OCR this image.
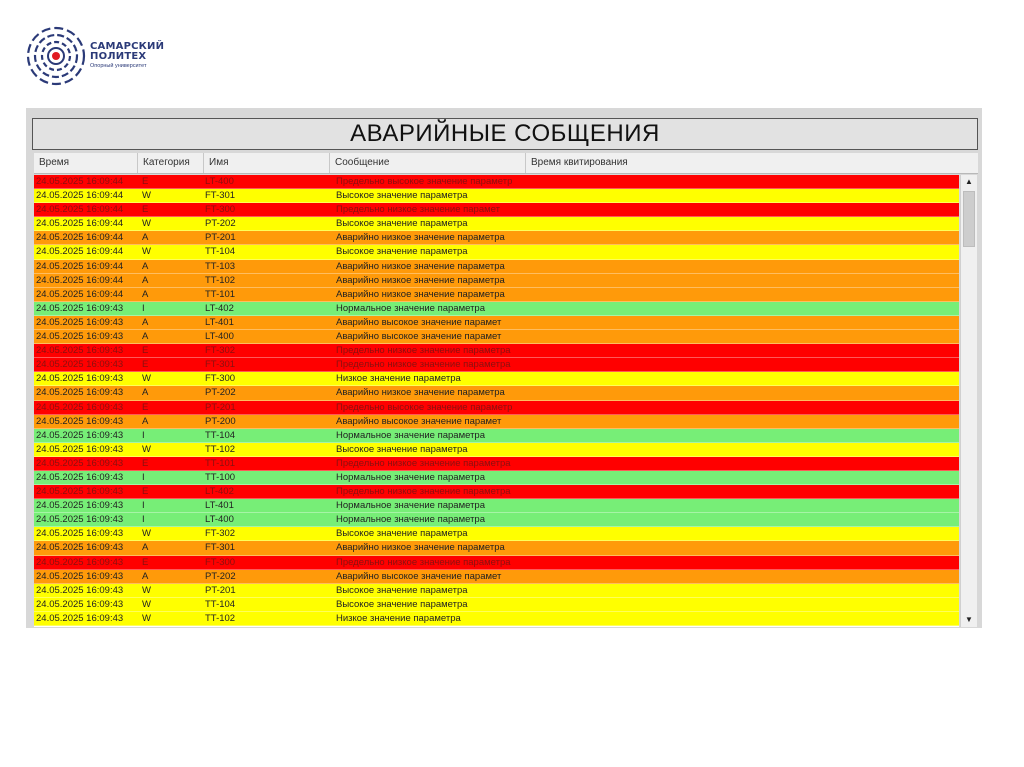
САМАРСКИЙ
ПОЛИТЕХ
Опорный университет
АВАРИЙНЫЕ СОБЩЕНИЯ
Время	Категория	Имя	Сообщение	Время квитирования
24.05.2025 16:09:44	E	LT-400	Предельно высокое значение параметр
24.05.2025 16:09:44	W	FT-301	Высокое значение параметра
24.05.2025 16:09:44	E	FT-300	Предельно низкое значение парамет
24.05.2025 16:09:44	W	PT-202	Высокое значение параметра
24.05.2025 16:09:44	A	PT-201	Аварийно низкое значение параметра
24.05.2025 16:09:44	W	TT-104	Высокое значение параметра
24.05.2025 16:09:44	A	TT-103	Аварийно низкое значение параметра
24.05.2025 16:09:44	A	TT-102	Аварийно низкое значение параметра
24.05.2025 16:09:44	A	TT-101	Аварийно низкое значение параметра
24.05.2025 16:09:43	I	LT-402	Нормальное значение параметра
24.05.2025 16:09:43	A	LT-401	Аварийно высокое значение парамет
24.05.2025 16:09:43	A	LT-400	Аварийно высокое значение парамет
24.05.2025 16:09:43	E	FT-302	Предельно низкое значение параметра
24.05.2025 16:09:43	E	FT-301	Предельно низкое значение параметра
24.05.2025 16:09:43	W	FT-300	Низкое значение параметра
24.05.2025 16:09:43	A	PT-202	Аварийно низкое значение параметра
24.05.2025 16:09:43	E	PT-201	Предельно высокое значение параметр
24.05.2025 16:09:43	A	PT-200	Аварийно высокое значение парамет
24.05.2025 16:09:43	I	TT-104	Нормальное значение параметра
24.05.2025 16:09:43	W	TT-102	Высокое значение параметра
24.05.2025 16:09:43	E	TT-101	Предельно низкое значение параметра
24.05.2025 16:09:43	I	TT-100	Нормальное значение параметра
24.05.2025 16:09:43	E	LT-402	Предельно низкое значение параметра
24.05.2025 16:09:43	I	LT-401	Нормальное значение параметра
24.05.2025 16:09:43	I	LT-400	Нормальное значение параметра
24.05.2025 16:09:43	W	FT-302	Высокое значение параметра
24.05.2025 16:09:43	A	FT-301	Аварийно низкое значение параметра
24.05.2025 16:09:43	E	FT-300	Предельно низкое значение параметра
24.05.2025 16:09:43	A	PT-202	Аварийно высокое значение парамет
24.05.2025 16:09:43	W	PT-201	Высокое значение параметра
24.05.2025 16:09:43	W	TT-104	Высокое значение параметра
24.05.2025 16:09:43	W	TT-102	Низкое значение параметра
▲
▼
